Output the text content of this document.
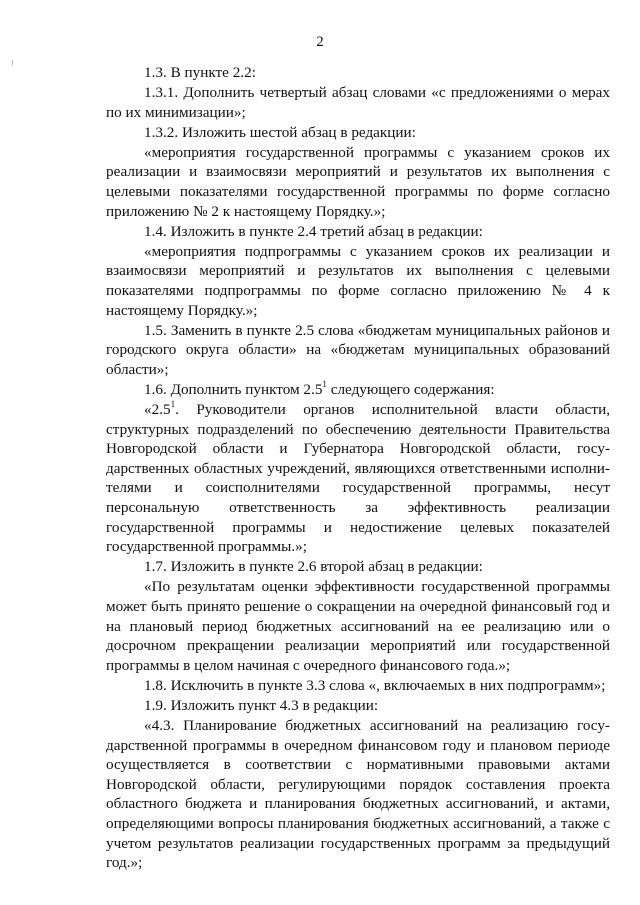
2

1.3. В пункте 2.2:

1.3.1. Дополнить четвертый абзац словами «с предложениями о мерах по их минимизации»;

1.3.2. Изложить шестой абзац в редакции:

«мероприятия государственной программы с указанием сроков их реализации и взаимосвязи мероприятий и результатов их выполнения с целевыми показателями государственной программы по форме согласно приложению № 2 к настоящему Порядку.»;

1.4. Изложить в пункте 2.4 третий абзац в редакции:

«мероприятия подпрограммы с указанием сроков их реализации и взаимосвязи мероприятий и результатов их выполнения с целевыми показателями подпрограммы по форме согласно приложению № 4 к настоящему Порядку.»;

1.5. Заменить в пункте 2.5 слова «бюджетам муниципальных районов и городского округа области» на «бюджетам муниципальных образований области»;

1.6. Дополнить пунктом $2.5^1$ следующего содержания:

«$2.5^1$. Руководители органов исполнительной власти области, структурных подразделений по обеспечению деятельности Правительства Новгородской области и Губернатора Новгородской области, госу-дарственных областных учреждений, являющихся ответственными исполни-телями и соисполнителями государственной программы, несут персональную ответственность за эффективность реализации государственной программы и недостижение целевых показателей государственной программы.»;

1.7. Изложить в пункте 2.6 второй абзац в редакции:

«По результатам оценки эффективности государственной программы может быть принято решение о сокращении на очередной финансовый год и на плановый период бюджетных ассигнований на ее реализацию или о досрочном прекращении реализации мероприятий или государственной программы в целом начиная с очередного финансового года.»;

1.8. Исключить в пункте 3.3 слова «, включаемых в них подпрограмм»;

1.9. Изложить пункт 4.3 в редакции:

«4.3. Планирование бюджетных ассигнований на реализацию госу-дарственной программы в очередном финансовом году и плановом периоде осуществляется в соответствии с нормативными правовыми актами Новгородской области, регулирующими порядок составления проекта областного бюджета и планирования бюджетных ассигнований, и актами, определяющими вопросы планирования бюджетных ассигнований, а также с учетом результатов реализации государственных программ за предыдущий год.»;
